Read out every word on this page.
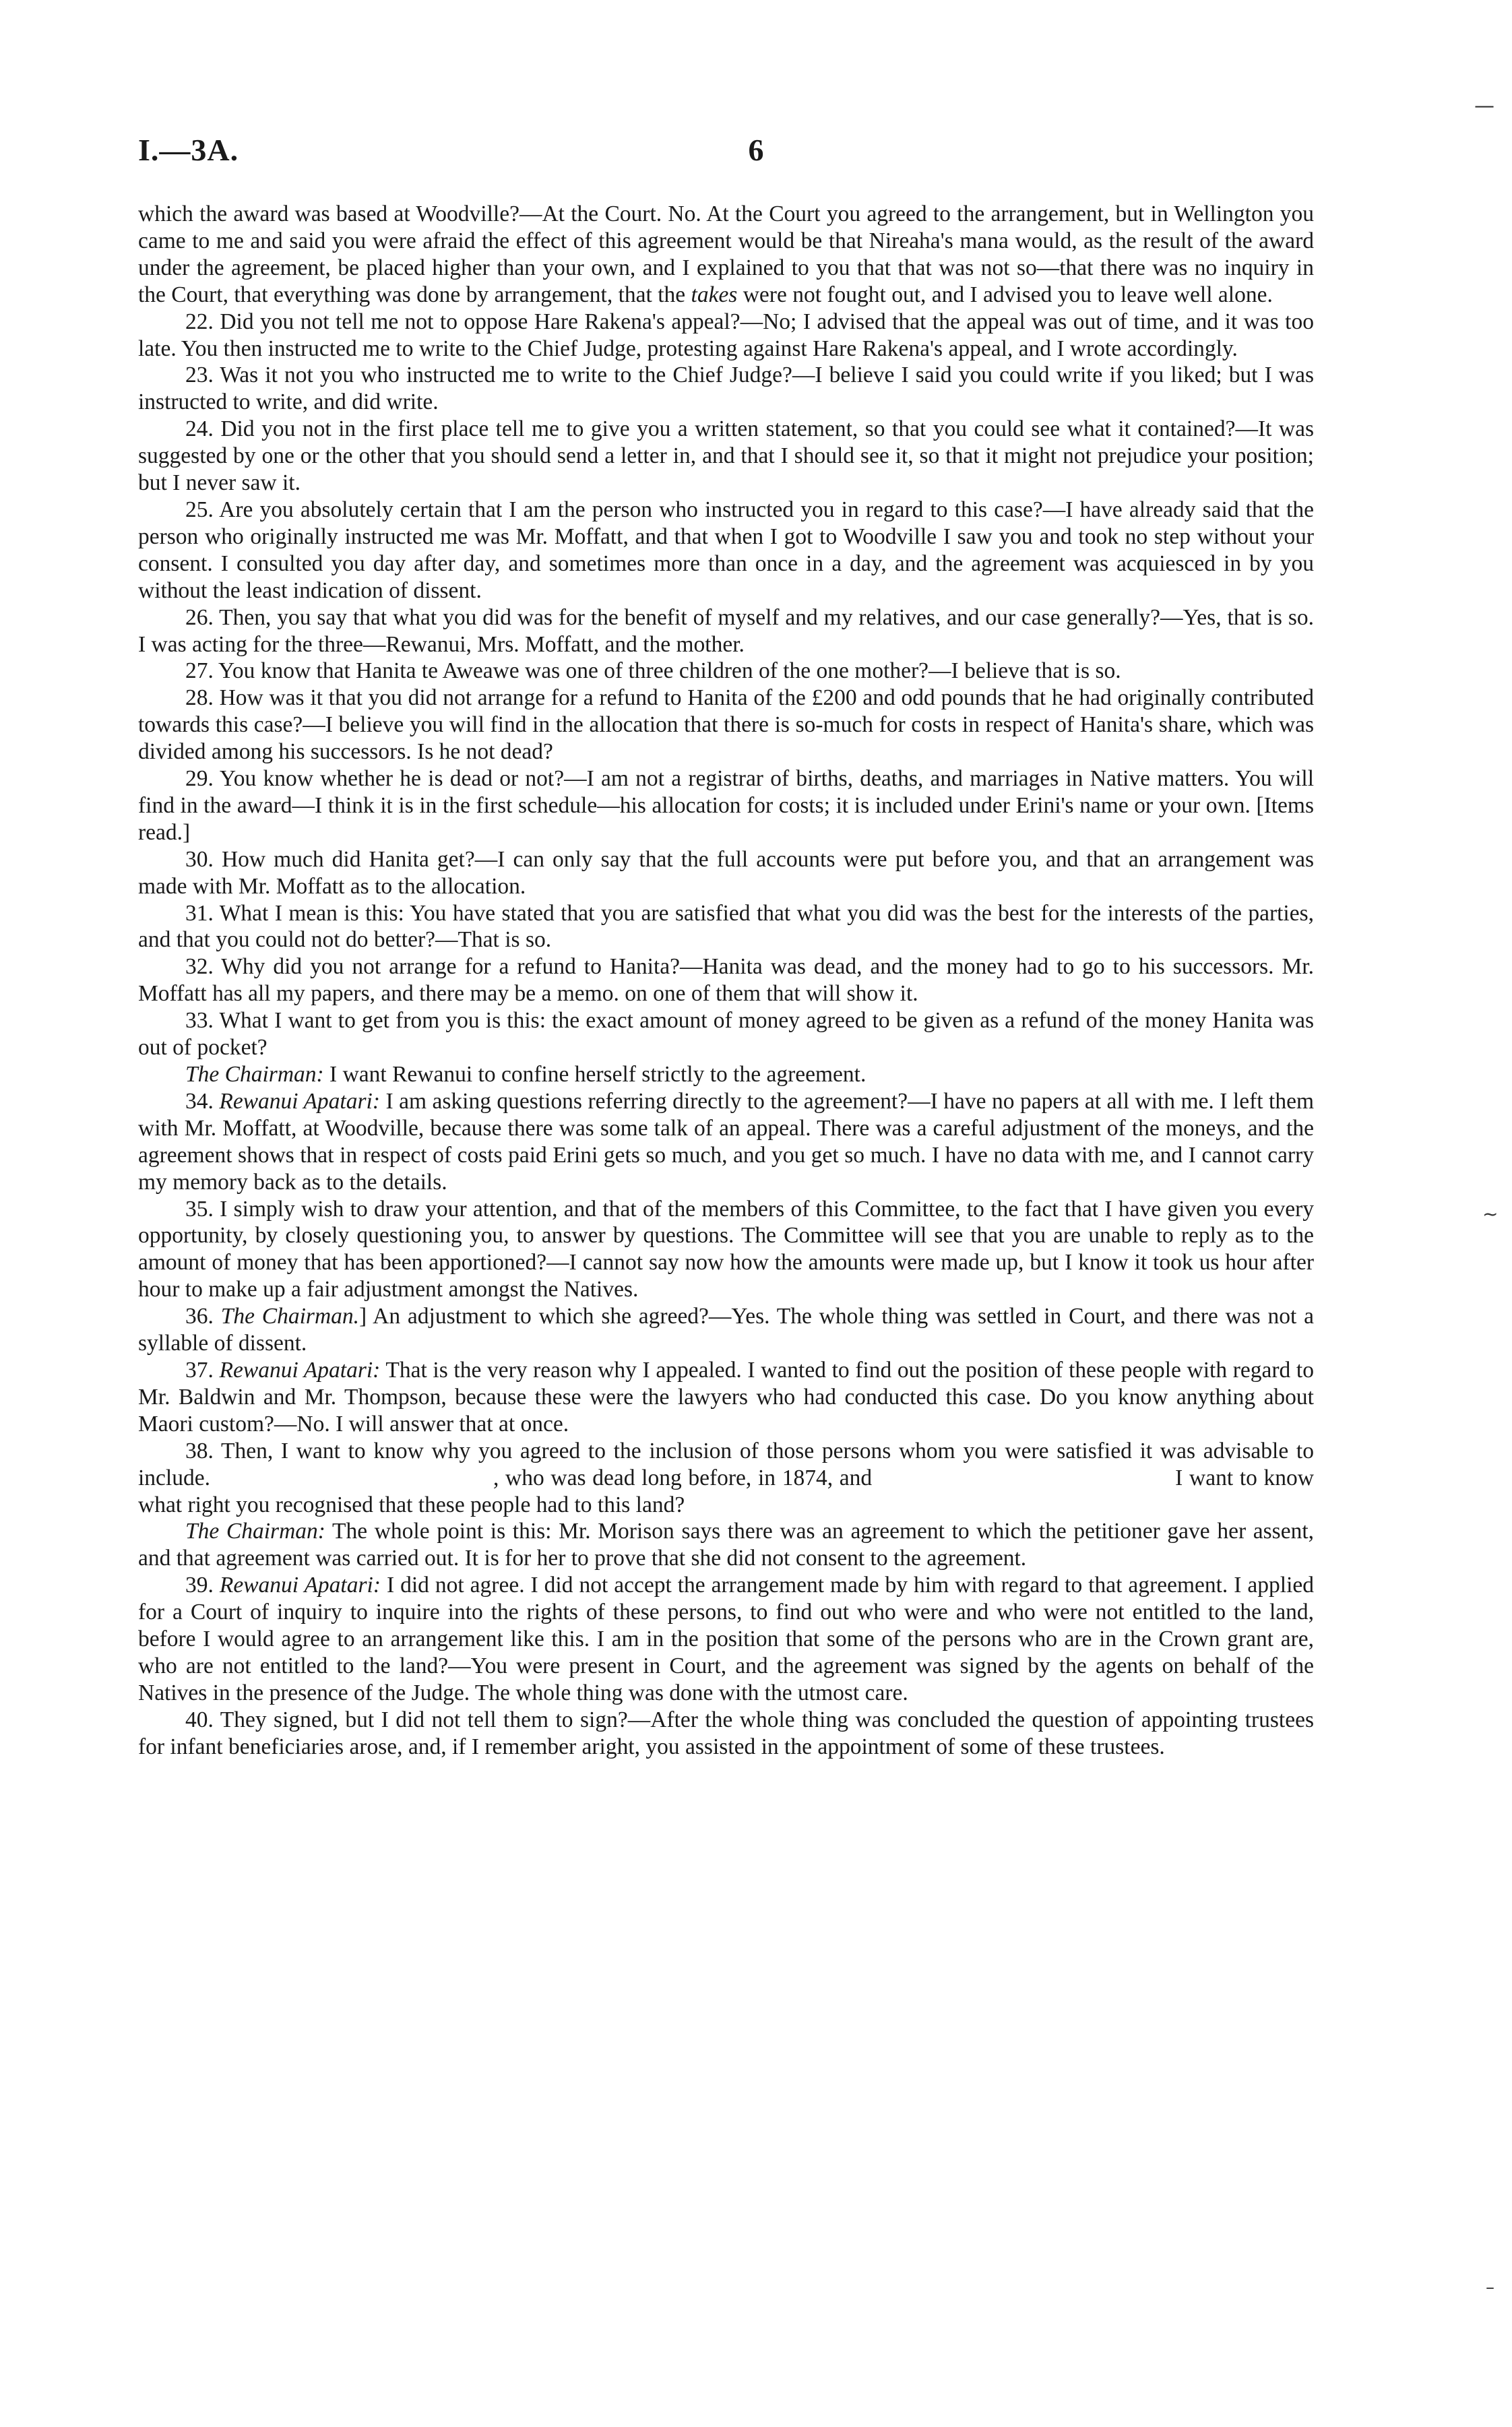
I.—3A.	6
—
~
–

which the award was based at Woodville?—At the Court. No. At the Court you agreed to the arrangement, but in Wellington you came to me and said you were afraid the effect of this agreement would be that Nireaha's mana would, as the result of the award under the agreement, be placed higher than your own, and I explained to you that that was not so—that there was no inquiry in the Court, that everything was done by arrangement, that the takes were not fought out, and I advised you to leave well alone.

22. Did you not tell me not to oppose Hare Rakena's appeal?—No; I advised that the appeal was out of time, and it was too late. You then instructed me to write to the Chief Judge, protesting against Hare Rakena's appeal, and I wrote accordingly.

23. Was it not you who instructed me to write to the Chief Judge?—I believe I said you could write if you liked; but I was instructed to write, and did write.

24. Did you not in the first place tell me to give you a written statement, so that you could see what it contained?—It was suggested by one or the other that you should send a letter in, and that I should see it, so that it might not prejudice your position; but I never saw it.

25. Are you absolutely certain that I am the person who instructed you in regard to this case?—I have already said that the person who originally instructed me was Mr. Moffatt, and that when I got to Woodville I saw you and took no step without your consent. I consulted you day after day, and sometimes more than once in a day, and the agreement was acquiesced in by you without the least indication of dissent.

26. Then, you say that what you did was for the benefit of myself and my relatives, and our case generally?—Yes, that is so. I was acting for the three—Rewanui, Mrs. Moffatt, and the mother.

27. You know that Hanita te Aweawe was one of three children of the one mother?—I believe that is so.

28. How was it that you did not arrange for a refund to Hanita of the £200 and odd pounds that he had originally contributed towards this case?—I believe you will find in the allocation that there is so-much for costs in respect of Hanita's share, which was divided among his successors. Is he not dead?

29. You know whether he is dead or not?—I am not a registrar of births, deaths, and marriages in Native matters. You will find in the award—I think it is in the first schedule—his allocation for costs; it is included under Erini's name or your own. [Items read.]

30. How much did Hanita get?—I can only say that the full accounts were put before you, and that an arrangement was made with Mr. Moffatt as to the allocation.

31. What I mean is this: You have stated that you are satisfied that what you did was the best for the interests of the parties, and that you could not do better?—That is so.

32. Why did you not arrange for a refund to Hanita?—Hanita was dead, and the money had to go to his successors. Mr. Moffatt has all my papers, and there may be a memo. on one of them that will show it.

33. What I want to get from you is this: the exact amount of money agreed to be given as a refund of the money Hanita was out of pocket?

The Chairman: I want Rewanui to confine herself strictly to the agreement.

34. Rewanui Apatari: I am asking questions referring directly to the agreement?—I have no papers at all with me. I left them with Mr. Moffatt, at Woodville, because there was some talk of an appeal. There was a careful adjustment of the moneys, and the agreement shows that in respect of costs paid Erini gets so much, and you get so much. I have no data with me, and I cannot carry my memory back as to the details.

35. I simply wish to draw your attention, and that of the members of this Committee, to the fact that I have given you every opportunity, by closely questioning you, to answer by questions. The Committee will see that you are unable to reply as to the amount of money that has been apportioned?—I cannot say now how the amounts were made up, but I know it took us hour after hour to make up a fair adjustment amongst the Natives.

36. The Chairman.] An adjustment to which she agreed?—Yes. The whole thing was settled in Court, and there was not a syllable of dissent.

37. Rewanui Apatari: That is the very reason why I appealed. I wanted to find out the position of these people with regard to Mr. Baldwin and Mr. Thompson, because these were the lawyers who had conducted this case. Do you know anything about Maori custom?—No. I will answer that at once.

38. Then, I want to know why you agreed to the inclusion of those persons whom you were satisfied it was advisable to include.	, who was dead long before, in 1874, and	I want to know what right you recognised that these people had to this land?

The Chairman: The whole point is this: Mr. Morison says there was an agreement to which the petitioner gave her assent, and that agreement was carried out. It is for her to prove that she did not consent to the agreement.

39. Rewanui Apatari: I did not agree. I did not accept the arrangement made by him with regard to that agreement. I applied for a Court of inquiry to inquire into the rights of these persons, to find out who were and who were not entitled to the land, before I would agree to an arrangement like this. I am in the position that some of the persons who are in the Crown grant are, who are not entitled to the land?—You were present in Court, and the agreement was signed by the agents on behalf of the Natives in the presence of the Judge. The whole thing was done with the utmost care.

40. They signed, but I did not tell them to sign?—After the whole thing was concluded the question of appointing trustees for infant beneficiaries arose, and, if I remember aright, you assisted in the appointment of some of these trustees.
